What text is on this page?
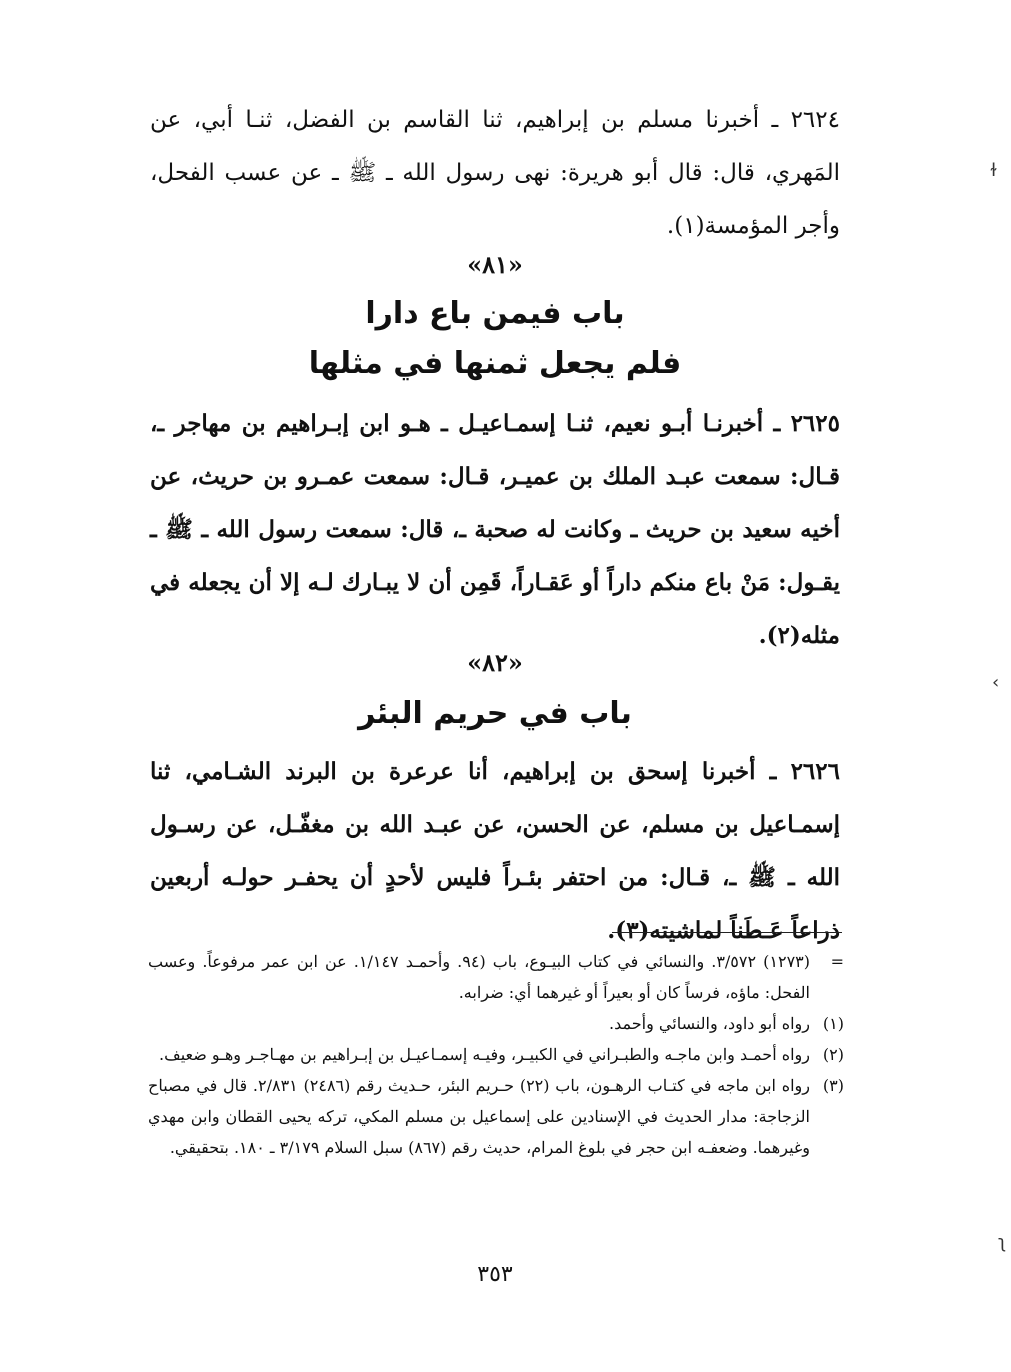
٢٦٢٤ ـ أخبرنا مسلم بن إبراهيم، ثنا القاسم بن الفضل، ثنـا أبي، عن المَهري، قال: قال أبو هريرة: نهى رسول الله ـ ﷺ ـ عن عسب الفحل، وأجر المؤمسة(١).

«٨١»
باب فيمن باع دارا
فلم يجعل ثمنها في مثلها

٢٦٢٥ ـ أخبرنـا أبـو نعيم، ثنـا إسمـاعيـل ـ هـو ابن إبـراهيم بن مهاجر ـ، قـال: سمعت عبـد الملك بن عميـر، قـال: سمعت عمـرو بن حريث، عن أخيه سعيد بن حريث ـ وكانت له صحبة ـ، قال: سمعت رسول الله ـ ﷺ ـ يقـول: مَنْ باع منكم داراً أو عَقـاراً، قَمِن أن لا يبـارك لـه إلا أن يجعله في مثله(٢).

«٨٢»
باب في حريم البئر

٢٦٢٦ ـ أخبرنا إسحق بن إبراهيم، أنا عرعرة بن البرند الشـامي، ثنا إسمـاعيل بن مسلم، عن الحسن، عن عبـد الله بن مغفّـل، عن رسـول الله ـ ﷺ ـ، قـال: من احتفر بئـراً فليس لأحدٍ أن يحفـر حولـه أربعين ذراعاً عَـطَناً لماشيته(٣).

=
(١٢٧٣) ٣/٥٧٢. والنسائي في كتاب البيـوع، باب (٩٤. وأحمـد ١/١٤٧. عن ابن عمر مرفوعاً. وعسب الفحل: ماؤه، فرساً كان أو بعيراً أو غيرهما أي: ضرابه.
(١)
رواه أبو داود، والنسائي وأحمد.
(٢)
رواه أحمـد وابن ماجـه والطبـراني في الكبيـر، وفيـه إسمـاعيـل بن إبـراهيم بن مهـاجـر وهـو ضعيف.
(٣)
رواه ابن ماجه في كتـاب الرهـون، باب (٢٢) حـريم البئر، حـديث رقم (٢٤٨٦) ٢/٨٣١. قال في مصباح الزجاجة: مدار الحديث في الإسنادين على إسماعيل بن مسلم المكي، تركه يحيى القطان وابن مهدي وغيرهما. وضعفـه ابن حجر في بلوغ المرام، حديث رقم (٨٦٧) سبل السلام ٣/١٧٩ ـ ١٨٠. بتحقيقي.
٣٥٣
ɫ
›
ʅ
